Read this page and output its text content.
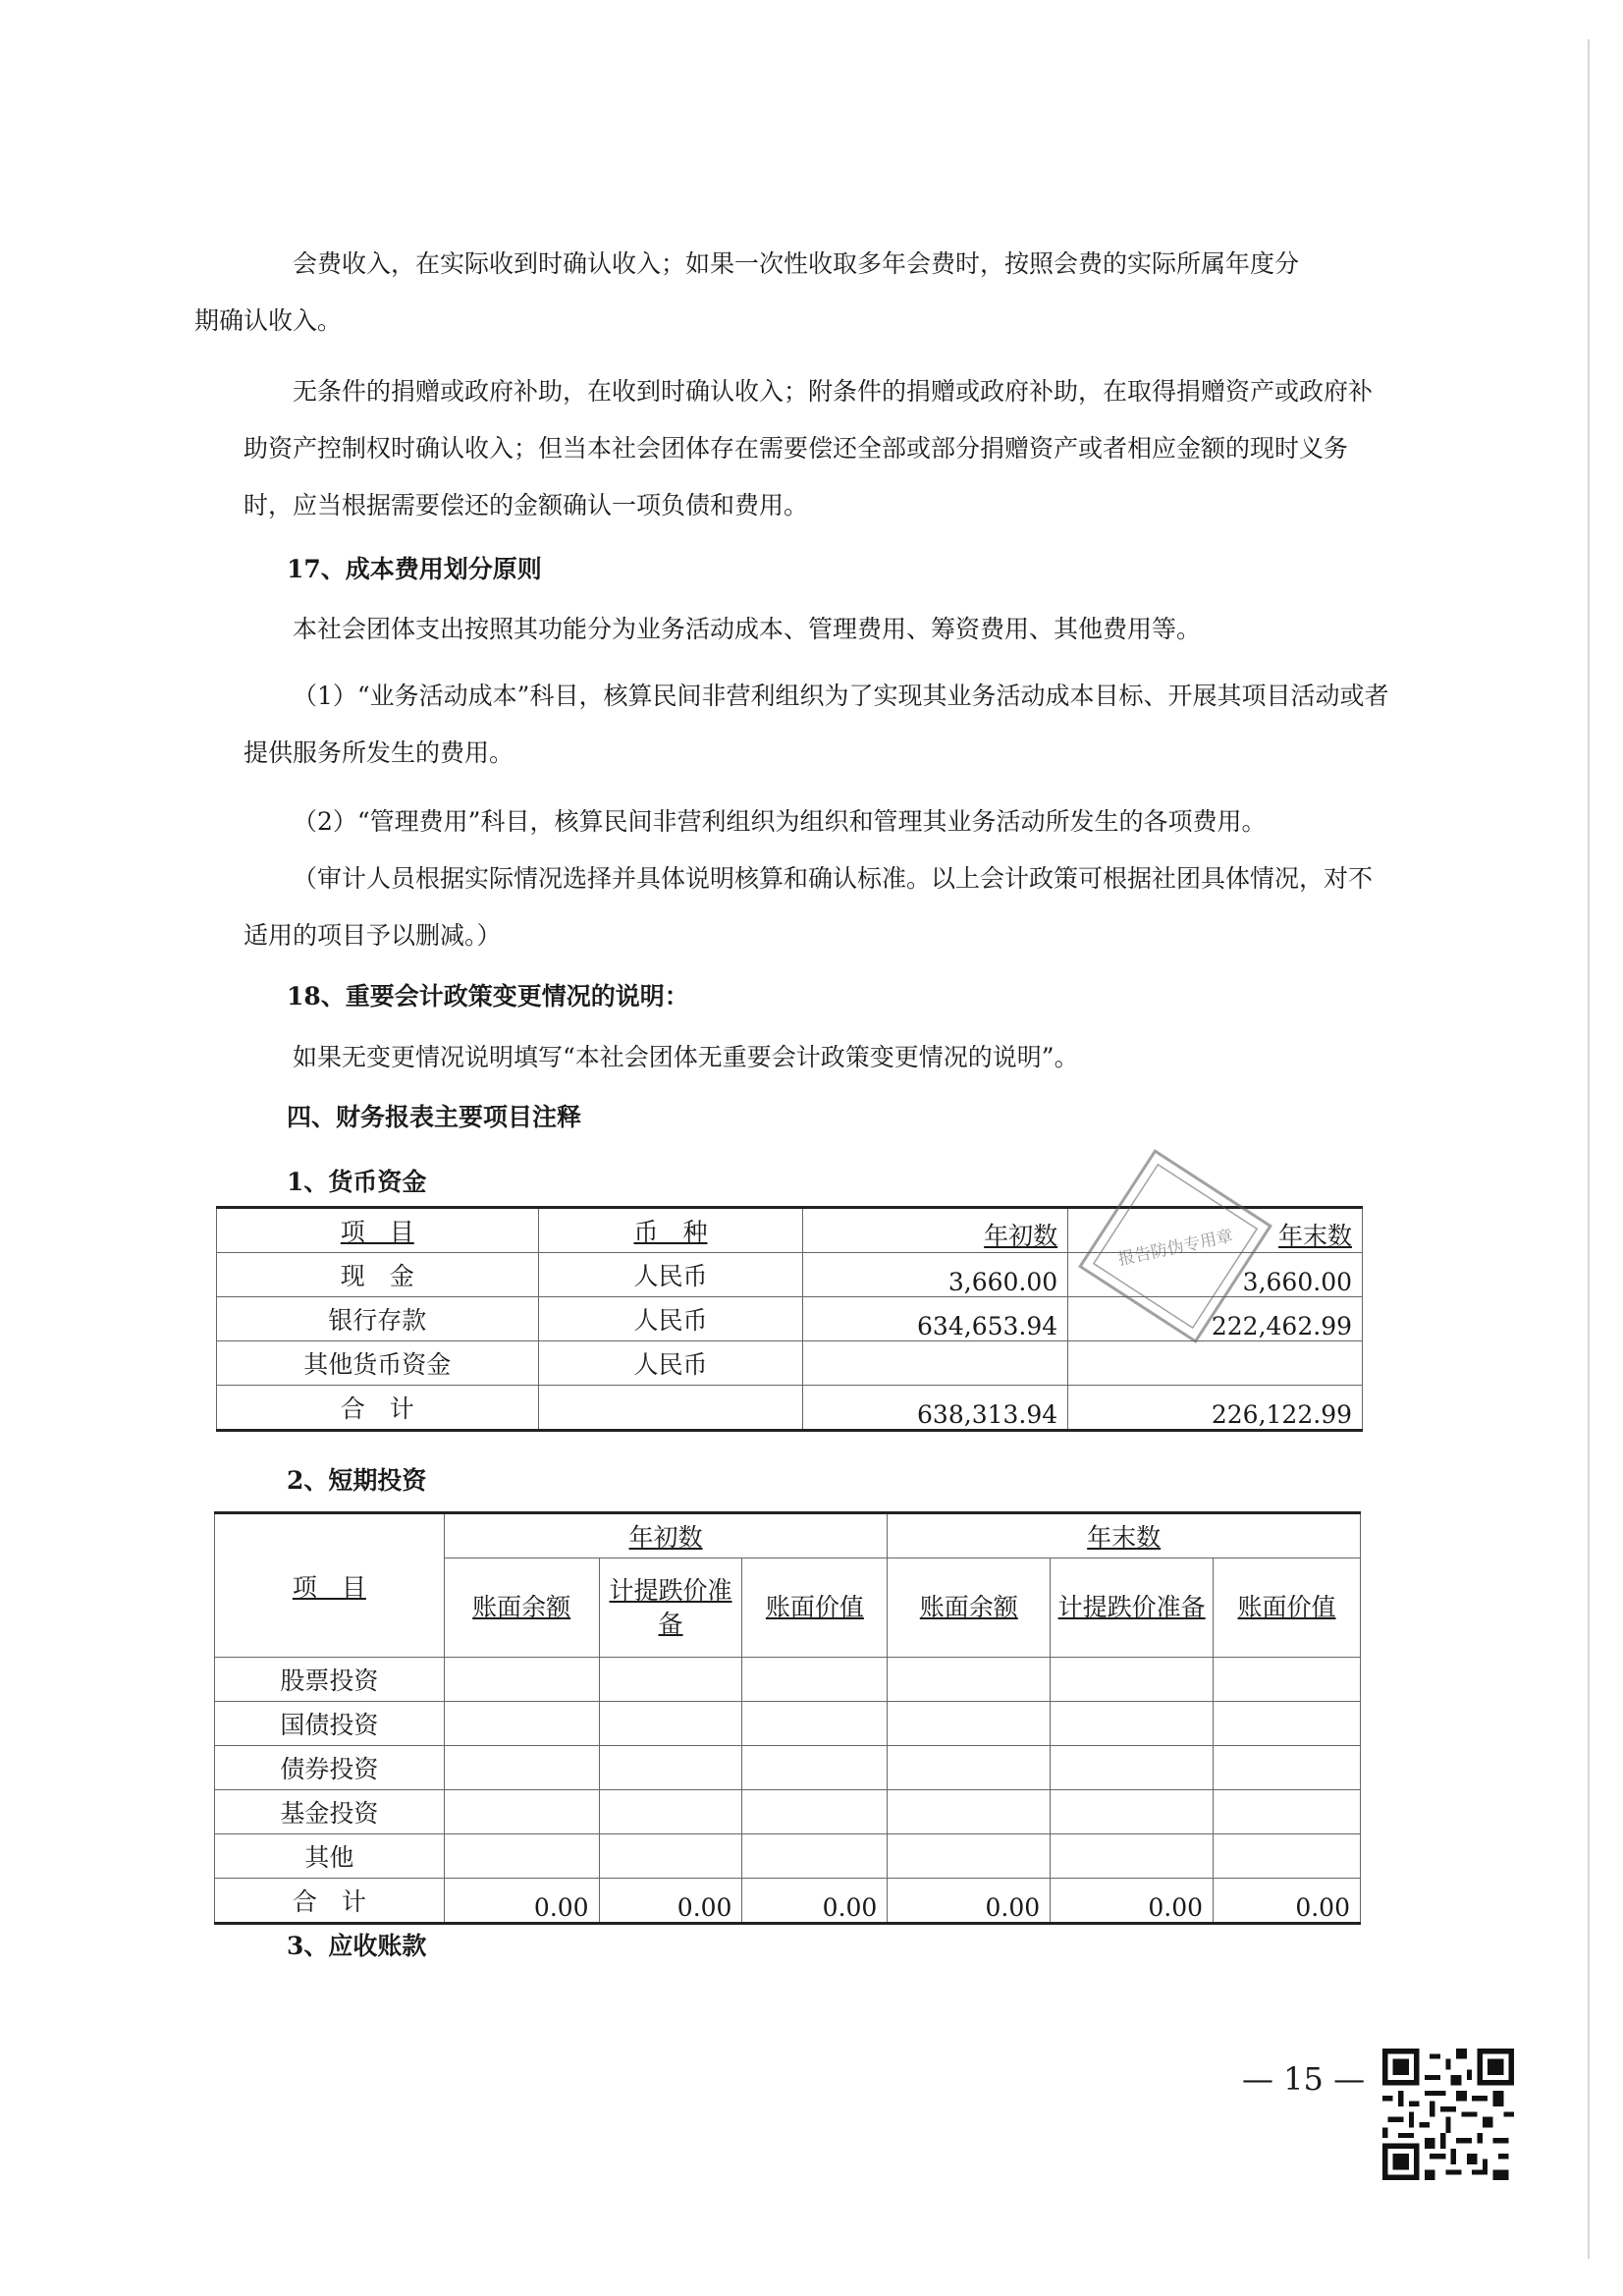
会费收入，在实际收到时确认收入；如果一次性收取多年会费时，按照会费的实际所属年度分
期确认收入。

无条件的捐赠或政府补助，在收到时确认收入；附条件的捐赠或政府补助，在取得捐赠资产或政府补助资产控制权时确认收入；但当本社会团体存在需要偿还全部或部分捐赠资产或者相应金额的现时义务时，应当根据需要偿还的金额确认一项负债和费用。

17、成本费用划分原则

本社会团体支出按照其功能分为业务活动成本、管理费用、筹资费用、其他费用等。

（1）“业务活动成本”科目，核算民间非营利组织为了实现其业务活动成本目标、开展其项目活动或者提供服务所发生的费用。

（2）“管理费用”科目，核算民间非营利组织为组织和管理其业务活动所发生的各项费用。

（审计人员根据实际情况选择并具体说明核算和确认标准。以上会计政策可根据社团具体情况，对不适用的项目予以删减。）

18、重要会计政策变更情况的说明：

如果无变更情况说明填写“本社会团体无重要会计政策变更情况的说明”。

四、财务报表主要项目注释

1、货币资金

项　目	币　种	年初数	年末数
现　金	人民币	3,660.00	3,660.00
银行存款	人民币	634,653.94	222,462.99
其他货币资金	人民币		
合　计		638,313.94	226,122.99
报告防伪专用章

2、短期投资

项　目	年初数			年末数		
	账面余额	计提跌价准备	账面价值	账面余额	计提跌价准备	账面价值
股票投资						
国债投资						
债券投资						
基金投资						
其他						
合　计	0.00	0.00	0.00	0.00	0.00	0.00

3、应收账款

— 15 —
